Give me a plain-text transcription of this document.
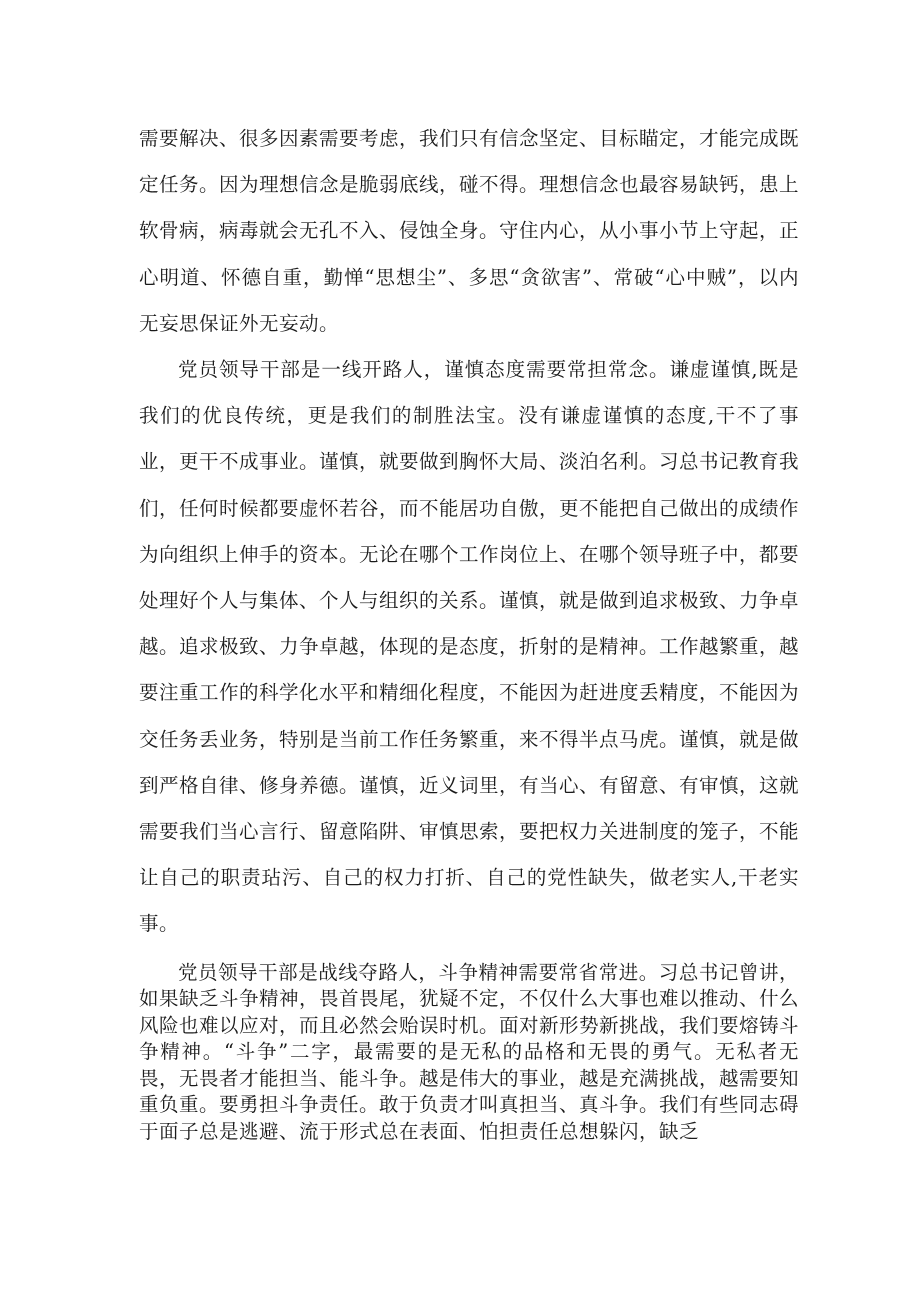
需要解决、很多因素需要考虑，我们只有信念坚定、目标瞄定，才能完成既定任务。因为理想信念是脆弱底线，碰不得。理想信念也最容易缺钙，患上软骨病，病毒就会无孔不入、侵蚀全身。守住内心，从小事小节上守起，正心明道、怀德自重，勤惮“思想尘”、多思“贪欲害”、常破“心中贼”，以内无妄思保证外无妄动。

党员领导干部是一线开路人，谨慎态度需要常担常念。谦虚谨慎,既是我们的优良传统，更是我们的制胜法宝。没有谦虚谨慎的态度,干不了事业，更干不成事业。谨慎，就要做到胸怀大局、淡泊名利。习总书记教育我们，任何时候都要虚怀若谷，而不能居功自傲，更不能把自己做出的成绩作为向组织上伸手的资本。无论在哪个工作岗位上、在哪个领导班子中，都要处理好个人与集体、个人与组织的关系。谨慎，就是做到追求极致、力争卓越。追求极致、力争卓越，体现的是态度，折射的是精神。工作越繁重，越要注重工作的科学化水平和精细化程度，不能因为赶进度丢精度，不能因为交任务丢业务，特别是当前工作任务繁重，来不得半点马虎。谨慎，就是做到严格自律、修身养德。谨慎，近义词里，有当心、有留意、有审慎，这就需要我们当心言行、留意陷阱、审慎思索，要把权力关进制度的笼子，不能让自己的职责玷污、自己的权力打折、自己的党性缺失，做老实人,干老实事。

党员领导干部是战线夺路人，斗争精神需要常省常进。习总书记曾讲，如果缺乏斗争精神，畏首畏尾，犹疑不定，不仅什么大事也难以推动、什么风险也难以应对，而且必然会贻误时机。面对新形势新挑战，我们要熔铸斗争精神。“斗争”二字，最需要的是无私的品格和无畏的勇气。无私者无畏，无畏者才能担当、能斗争。越是伟大的事业，越是充满挑战，越需要知重负重。要勇担斗争责任。敢于负责才叫真担当、真斗争。我们有些同志碍于面子总是逃避、流于形式总在表面、怕担责任总想躲闪，缺乏
